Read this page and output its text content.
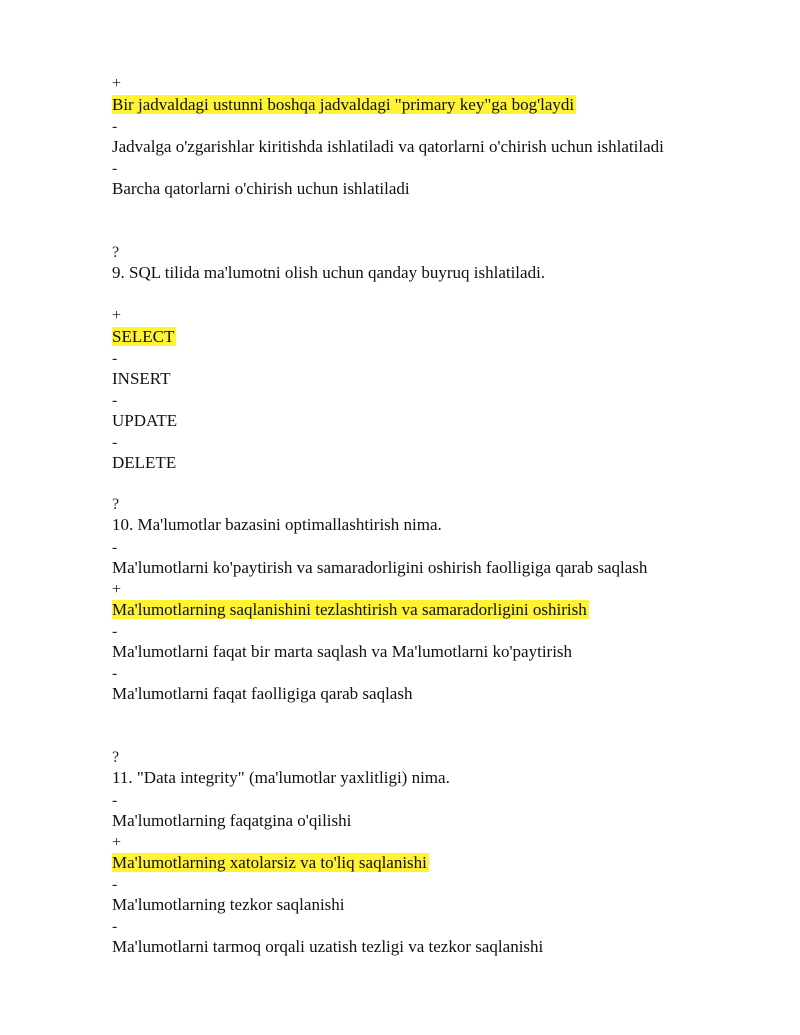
+
Bir jadvaldagi ustunni boshqa jadvaldagi "primary key"ga bog'laydi
-
Jadvalga o'zgarishlar kiritishda ishlatiladi va qatorlarni o'chirish uchun ishlatiladi
-
Barcha qatorlarni o'chirish uchun ishlatiladi
?
9. SQL tilida ma'lumotni olish uchun qanday buyruq ishlatiladi.
+
SELECT
-
INSERT
-
UPDATE
-
DELETE
?
10. Ma'lumotlar bazasini optimallashtirish nima.
-
Ma'lumotlarni ko'paytirish va samaradorligini oshirish faolligiga qarab saqlash
+
Ma'lumotlarning saqlanishini tezlashtirish va samaradorligini oshirish
-
Ma'lumotlarni faqat bir marta saqlash va Ma'lumotlarni ko'paytirish
-
Ma'lumotlarni faqat faolligiga qarab saqlash
?
11. "Data integrity" (ma'lumotlar yaxlitligi) nima.
-
Ma'lumotlarning faqatgina o'qilishi
+
Ma'lumotlarning xatolarsiz va to'liq saqlanishi
-
Ma'lumotlarning tezkor saqlanishi
-
Ma'lumotlarni tarmoq orqali uzatish tezligi va tezkor saqlanishi
